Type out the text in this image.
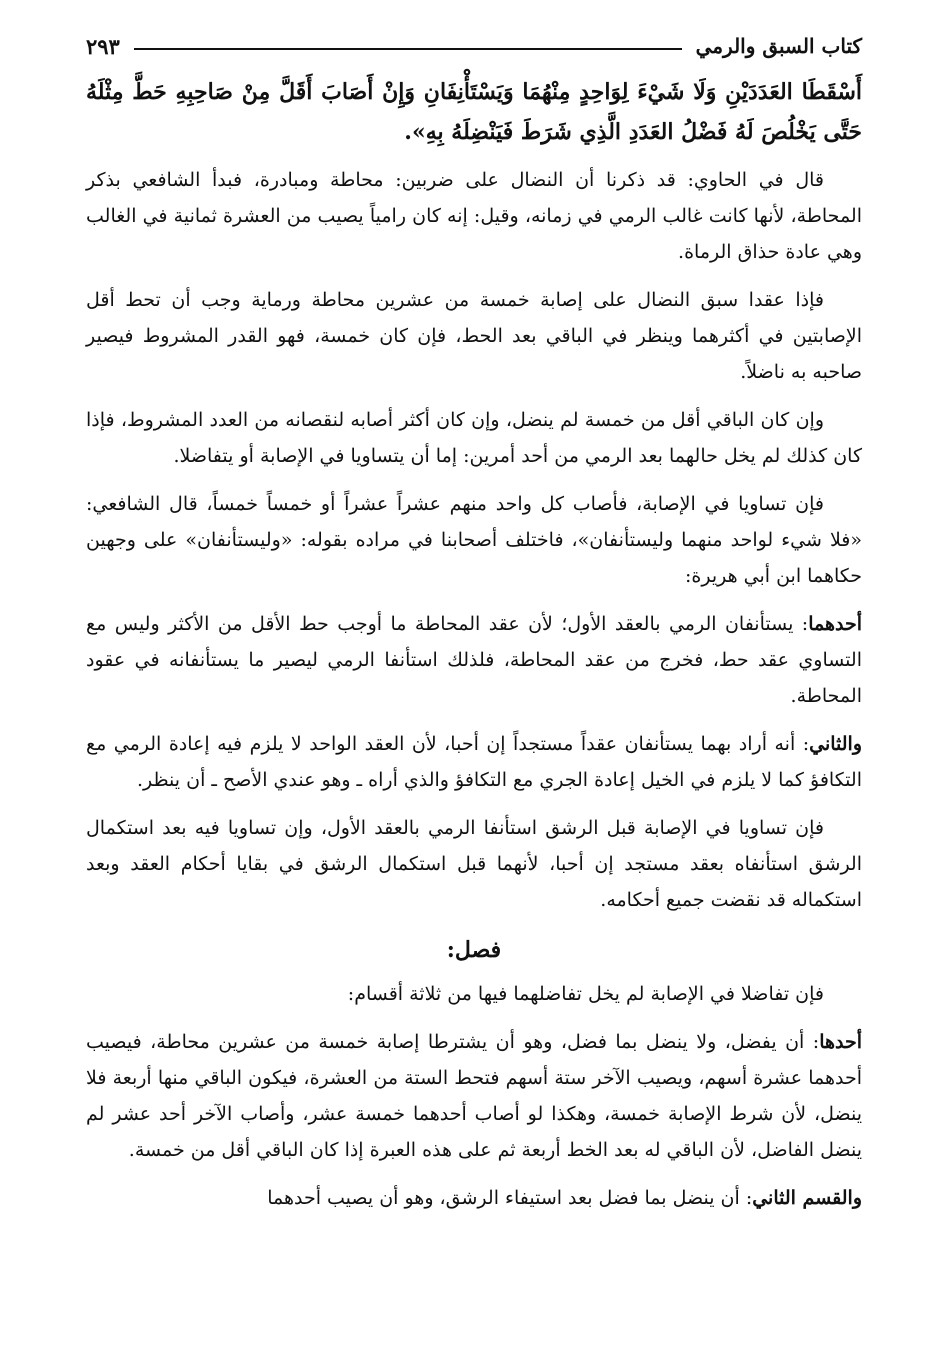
كتاب السبق والرمي
٢٩٣
أَسْقَطَا العَدَدَيْنِ وَلَا شَيْءَ لِوَاحِدٍ مِنْهُمَا وَيَسْتَأْنِفَانِ وَإِنْ أَصَابَ أَقَلَّ مِنْ صَاحِبِهِ حَطَّ مِثْلَهُ حَتَّى يَخْلُصَ لَهُ فَضْلُ العَدَدِ الَّذِي شَرَطَ فَيَنْضِلَهُ بِهِ».

قال في الحاوي: قد ذكرنا أن النضال على ضربين: محاطة ومبادرة، فبدأ الشافعي بذكر المحاطة، لأنها كانت غالب الرمي في زمانه، وقيل: إنه كان رامياً يصيب من العشرة ثمانية في الغالب وهي عادة حذاق الرماة.

فإذا عقدا سبق النضال على إصابة خمسة من عشرين محاطة ورماية وجب أن تحط أقل الإصابتين في أكثرهما وينظر في الباقي بعد الحط، فإن كان خمسة، فهو القدر المشروط فيصير صاحبه به ناضلاً.

وإن كان الباقي أقل من خمسة لم ينضل، وإن كان أكثر أصابه لنقصانه من العدد المشروط، فإذا كان كذلك لم يخل حالهما بعد الرمي من أحد أمرين: إما أن يتساويا في الإصابة أو يتفاضلا.

فإن تساويا في الإصابة، فأصاب كل واحد منهم عشراً عشراً أو خمساً خمساً، قال الشافعي: «فلا شيء لواحد منهما وليستأنفان»، فاختلف أصحابنا في مراده بقوله: «وليستأنفان» على وجهين حكاهما ابن أبي هريرة:

أحدهما: يستأنفان الرمي بالعقد الأول؛ لأن عقد المحاطة ما أوجب حط الأقل من الأكثر وليس مع التساوي عقد حط، فخرج من عقد المحاطة، فلذلك استأنفا الرمي ليصير ما يستأنفانه في عقود المحاطة.

والثاني: أنه أراد بهما يستأنفان عقداً مستجداً إن أحبا، لأن العقد الواحد لا يلزم فيه إعادة الرمي مع التكافؤ كما لا يلزم في الخيل إعادة الجري مع التكافؤ والذي أراه ـ وهو عندي الأصح ـ أن ينظر.

فإن تساويا في الإصابة قبل الرشق استأنفا الرمي بالعقد الأول، وإن تساويا فيه بعد استكمال الرشق استأنفاه بعقد مستجد إن أحبا، لأنهما قبل استكمال الرشق في بقايا أحكام العقد وبعد استكماله قد نقضت جميع أحكامه.

فصل:

فإن تفاضلا في الإصابة لم يخل تفاضلهما فيها من ثلاثة أقسام:

أحدها: أن يفضل، ولا ينضل بما فضل، وهو أن يشترطا إصابة خمسة من عشرين محاطة، فيصيب أحدهما عشرة أسهم، ويصيب الآخر ستة أسهم فتحط الستة من العشرة، فيكون الباقي منها أربعة فلا ينضل، لأن شرط الإصابة خمسة، وهكذا لو أصاب أحدهما خمسة عشر، وأصاب الآخر أحد عشر لم ينضل الفاضل، لأن الباقي له بعد الخط أربعة ثم على هذه العبرة إذا كان الباقي أقل من خمسة.

والقسم الثاني: أن ينضل بما فضل بعد استيفاء الرشق، وهو أن يصيب أحدهما
